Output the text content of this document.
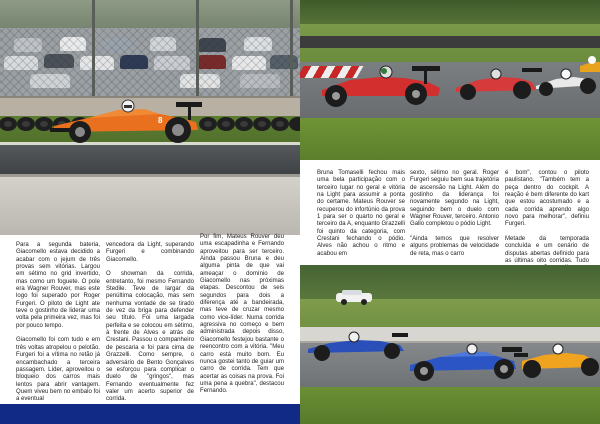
8

Para a segunda bateria, Giacomello estava decidido a acabar com o jejum de três provas sem vitórias. Largou em sétimo no grid invertido, mas como um foguete. O pole era Wagner Rouver, mas este logo foi superado por Roger Furgeri. O piloto de Light ate teve o gostinho de liderar uma volta pela primeira vez, mas foi por pouco tempo.

Giacomello foi com tudo e em três voltas atropelou o pelotão. Furgeri foi a vítima no retão já encambachado a terceira passagem. Líder, aproveitou o bloqueio dos carros mais lentos para abrir vantagem. Quem viveu bem no embalo foi a eventual

vencedora da Light, superando Furgeri e combinando Giacomello.

O showman da corrida, entretanto, foi mesmo Fernando Stedile. Teve de largar da penúltima colocação, mas sem nenhuma vontade de se tirado de vez da briga para defender seu título. Foi uma largada perfeita e se colocou em sétimo, à frente de Alves e atrás de Crestani. Passou o companheiro de pescaria e foi para cima de Grazzelli. Como sempre, o adversário de Bento Gonçalves se esforçou para complicar o duelo de "gringos", mas Fernando eventualmente fez valer um acerto superior de corrida.

Por fim, Mateus Rouver deu uma escapadinha e Fernando aproveitou para ser terceiro. Ainda passou Bruna e deu alguma pinta de que vai ameaçar o domínio de Giacomello nas próximas etapas. Descontou de seis segundos para dois a diferença até a bandeirada, mas teve de cruzar mesmo como vice-líder. Numa corrida agressiva no começo e bem administrada depois disso, Giacomello festejou bastante o reencontro com a vitória. "Meu carro está muito bom. Eu nunca gostei tanto de guiar um carro de corrida. Tem que acertar as coisas na prova. Foi uma pena a quebra", destacou Fernando.

Bruna Tomaselli fechou mais uma bela participação com o terceiro lugar no geral e vitória na Light para assumir a ponta do certame. Mateus Rouver se recuperou do infortúnio da prova 1 para ser o quarto no geral e terceiro da A, enquanto Grazzelli foi quinto da categoria, com Crestani fechando o pódio. Alves não achou o ritmo e acabou em

sexto, sétimo no geral. Roger Furgeri seguiu bem sua trajetória de ascensão na Light. Além do gostinho da liderança foi novamente segundo na Light, seguindo bem o duelo com Wagner Rouver, terceiro. Antonio Gallo completou o pódio Light.

"Ainda temos que resolver alguns problemas de velocidade de reta, mas o carro

é bom", contou o piloto paulistano. "Também tem a peça dentro do cockpit. A reação é bem diferente do kart que estou acostumado e a cada corrida aprendo algo novo para melhorar", definiu Furgeri.

Metade da temporada concluída e um cenário de disputas abertas definido para as últimas oito corridas. Tudo
